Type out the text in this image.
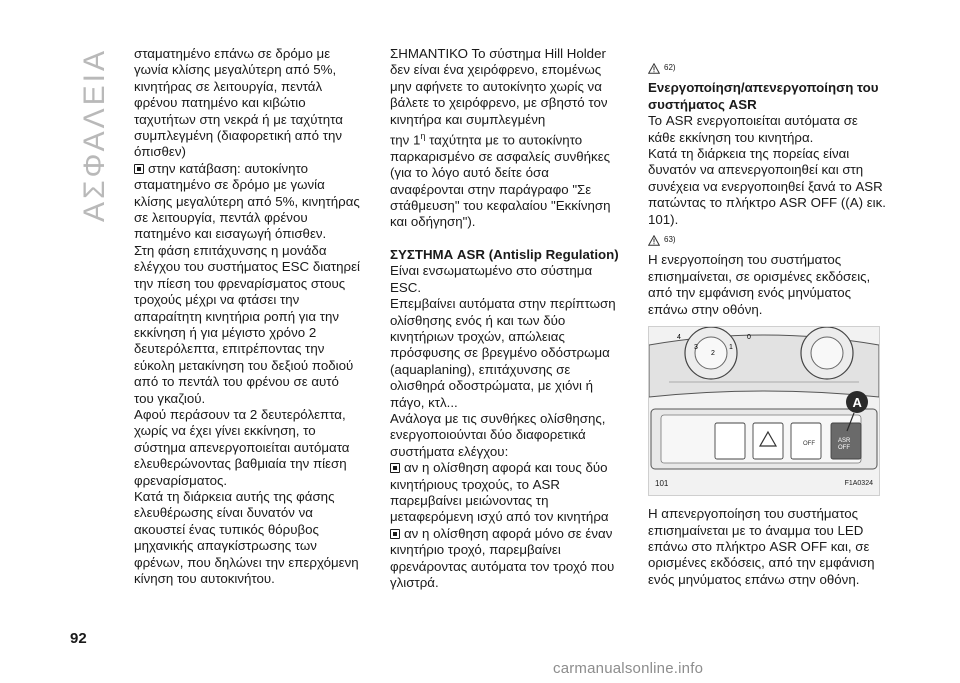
ΑΣΦΑΛΕΙΑ σταματημένο επάνω σε δρόμο με γωνία κλίσης μεγαλύτερη από 5%, κινητήρας σε λειτουργία, πεντάλ φρένου πατημένο και κιβώτιο ταχυτήτων στη νεκρά ή με ταχύτητα συμπλεγμένη (διαφορετική από την όπισθεν)

στην κατάβαση: αυτοκίνητο σταματημένο σε δρόμο με γωνία κλίσης μεγαλύτερη από 5%, κινητήρας σε λειτουργία, πεντάλ φρένου πατημένο και εισαγωγή όπισθεν.

Στη φάση επιτάχυνσης η μονάδα ελέγχου του συστήματος ESC διατηρεί την πίεση του φρεναρίσματος στους τροχούς μέχρι να φτάσει την απαραίτητη κινητήρια ροπή για την εκκίνηση ή για μέγιστο χρόνο 2 δευτερόλεπτα, επιτρέποντας την εύκολη μετακίνηση του δεξιού ποδιού από το πεντάλ του φρένου σε αυτό του γκαζιού.

Αφού περάσουν τα 2 δευτερόλεπτα, χωρίς να έχει γίνει εκκίνηση, το σύστημα απενεργοποιείται αυτόματα ελευθερώνοντας βαθμιαία την πίεση φρεναρίσματος.

Κατά τη διάρκεια αυτής της φάσης ελευθέρωσης είναι δυνατόν να ακουστεί ένας τυπικός θόρυβος μηχανικής απαγκίστρωσης των φρένων, που δηλώνει την επερχόμενη κίνηση του αυτοκινήτου.

ΣΗΜΑΝΤΙΚΟ Το σύστημα Hill Holder δεν είναι ένα χειρόφρενο, επομένως μην αφήνετε το αυτοκίνητο χωρίς να βάλετε το χειρόφρενο, με σβηστό τον κινητήρα και συμπλεγμένη

την $1^\eta$ ταχύτητα με το αυτοκίνητο παρκαρισμένο σε ασφαλείς συνθήκες (για το λόγο αυτό δείτε όσα αναφέρονται στην παράγραφο "Σε στάθμευση" του κεφαλαίου "Εκκίνηση και οδήγηση").

ΣΥΣΤΗΜΑ ASR (Antislip Regulation)

Είναι ενσωματωμένο στο σύστημα ESC.

Επεμβαίνει αυτόματα στην περίπτωση ολίσθησης ενός ή και των δύο κινητήριων τροχών, απώλειας πρόσφυσης σε βρεγμένο οδόστρωμα (aquaplaning), επιτάχυνσης σε ολισθηρά οδοστρώματα, με χιόνι ή πάγο, κτλ...

Ανάλογα με τις συνθήκες ολίσθησης, ενεργοποιούνται δύο διαφορετικά συστήματα ελέγχου:

αν η ολίσθηση αφορά και τους δύο κινητήριους τροχούς, το ASR παρεμβαίνει μειώνοντας τη μεταφερόμενη ισχύ από τον κινητήρα

αν η ολίσθηση αφορά μόνο σε έναν κινητήριο τροχό, παρεμβαίνει φρενάροντας αυτόματα τον τροχό που γλιστρά.

62)
Ενεργοποίηση/απενεργοποίηση του συστήματος ASR

Το ASR ενεργοποιείται αυτόματα σε κάθε εκκίνηση του κινητήρα.

Κατά τη διάρκεια της πορείας είναι δυνατόν να απενεργοποιηθεί και στη συνέχεια να ενεργοποιηθεί ξανά το ASR πατώντας το πλήκτρο ASR OFF ((A) εικ. 101).

63)

Η ενεργοποίηση του συστήματος επισημαίνεται, σε ορισμένες εκδόσεις, από την εμφάνιση ενός μηνύματος επάνω στην οθόνη.

4
3
2
1
0
OFF	ASR
OFF
A
101	F1A0324

Η απενεργοποίηση του συστήματος επισημαίνεται με το άναμμα του LED επάνω στο πλήκτρο ASR OFF και, σε ορισμένες εκδόσεις, από την εμφάνιση ενός μηνύματος επάνω στην οθόνη.

92
carmanualsonline.info
